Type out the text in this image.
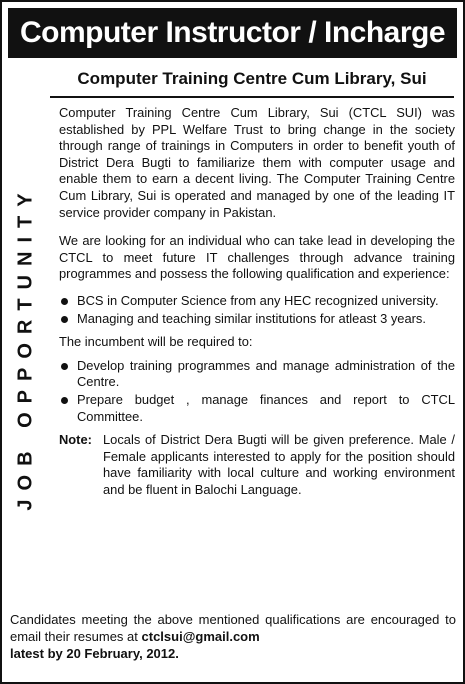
Computer Instructor / Incharge
Computer Training Centre Cum Library, Sui
JOB OPPORTUNITY

Computer Training Centre Cum Library, Sui (CTCL SUI) was established by PPL Welfare Trust to bring change in the society through range of trainings in Computers in order to benefit youth of District Dera Bugti to familiarize them with computer usage and enable them to earn a decent living. The Computer Training Centre Cum Library, Sui is operated and managed by one of the leading IT service provider company in Pakistan.

We are looking for an individual who can take lead in developing the CTCL to meet future IT challenges through advance training programmes and possess the following qualification and experience:

BCS in Computer Science from any HEC recognized university.
Managing and teaching similar institutions for atleast 3 years.

The incumbent will be required to:

Develop training programmes and manage administration of the Centre.
Prepare budget , manage finances and report to CTCL Committee.
Note: Locals of District Dera Bugti will be given preference. Male / Female applicants interested to apply for the position should have familiarity with local culture and working environment and be fluent in Balochi Language.
Candidates meeting the above mentioned qualifications are encouraged to email their resumes at ctclsui@gmail.com
latest by 20 February, 2012.
